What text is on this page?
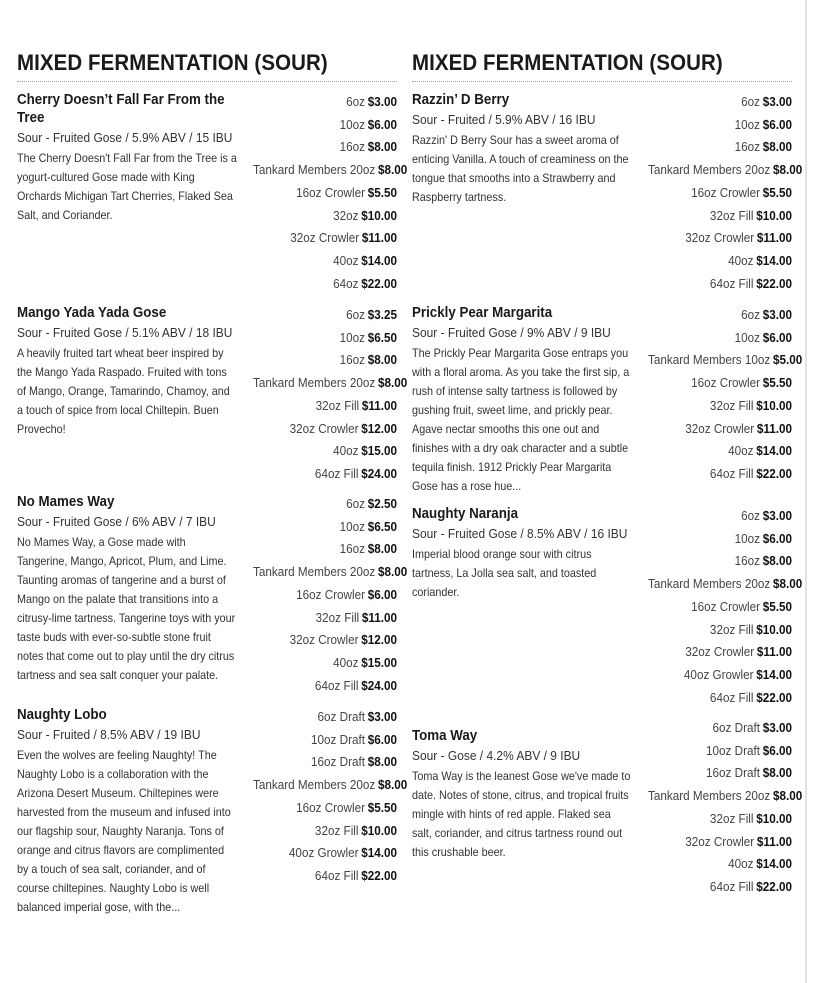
MIXED FERMENTATION (SOUR)
Cherry Doesn’t Fall Far From the Tree
Sour - Fruited Gose / 5.9% ABV / 15 IBU
The Cherry Doesn't Fall Far from the Tree is a yogurt-cultured Gose made with King Orchards Michigan Tart Cherries, Flaked Sea Salt, and Coriander.
6oz $3.00
10oz $6.00
16oz $8.00
Tankard Members 20oz $8.00
16oz Crowler $5.50
32oz $10.00
32oz Crowler $11.00
40oz $14.00
64oz $22.00
Mango Yada Yada Gose
Sour - Fruited Gose / 5.1% ABV / 18 IBU
A heavily fruited tart wheat beer inspired by the Mango Yada Raspado. Fruited with tons of Mango, Orange, Tamarindo, Chamoy, and a touch of spice from local Chiltepin. Buen Provecho!
6oz $3.25
10oz $6.50
16oz $8.00
Tankard Members 20oz $8.00
32oz Fill $11.00
32oz Crowler $12.00
40oz $15.00
64oz Fill $24.00
No Mames Way
Sour - Fruited Gose / 6% ABV / 7 IBU
No Mames Way, a Gose made with Tangerine, Mango, Apricot, Plum, and Lime. Taunting aromas of tangerine and a burst of Mango on the palate that transitions into a citrusy-lime tartness. Tangerine toys with your taste buds with ever-so-subtle stone fruit notes that come out to play until the dry citrus tartness and sea salt conquer your palate.
6oz $2.50
10oz $6.50
16oz $8.00
Tankard Members 20oz $8.00
16oz Crowler $6.00
32oz Fill $11.00
32oz Crowler $12.00
40oz $15.00
64oz Fill $24.00
Naughty Lobo
Sour - Fruited / 8.5% ABV / 19 IBU
Even the wolves are feeling Naughty! The Naughty Lobo is a collaboration with the Arizona Desert Museum. Chiltepines were harvested from the museum and infused into our flagship sour, Naughty Naranja. Tons of orange and citrus flavors are complimented by a touch of sea salt, coriander, and of course chiltepines. Naughty Lobo is well balanced imperial gose, with the...
6oz Draft $3.00
10oz Draft $6.00
16oz Draft $8.00
Tankard Members 20oz $8.00
16oz Crowler $5.50
32oz Fill $10.00
40oz Growler $14.00
64oz Fill $22.00
MIXED FERMENTATION (SOUR)
Razzin’ D Berry
Sour - Fruited / 5.9% ABV / 16 IBU
Razzin' D Berry Sour has a sweet aroma of enticing Vanilla. A touch of creaminess on the tongue that smooths into a Strawberry and Raspberry tartness.
6oz $3.00
10oz $6.00
16oz $8.00
Tankard Members 20oz $8.00
16oz Crowler $5.50
32oz Fill $10.00
32oz Crowler $11.00
40oz $14.00
64oz Fill $22.00
Prickly Pear Margarita
Sour - Fruited Gose / 9% ABV / 9 IBU
The Prickly Pear Margarita Gose entraps you with a floral aroma. As you take the first sip, a rush of intense salty tartness is followed by gushing fruit, sweet lime, and prickly pear. Agave nectar smooths this one out and finishes with a dry oak character and a subtle tequila finish. 1912 Prickly Pear Margarita Gose has a rose hue...
6oz $3.00
10oz $6.00
Tankard Members 10oz $5.00
16oz Crowler $5.50
32oz Fill $10.00
32oz Crowler $11.00
40oz $14.00
64oz Fill $22.00
Naughty Naranja
Sour - Fruited Gose / 8.5% ABV / 16 IBU
Imperial blood orange sour with citrus tartness, La Jolla sea salt, and toasted coriander.
6oz $3.00
10oz $6.00
16oz $8.00
Tankard Members 20oz $8.00
16oz Crowler $5.50
32oz Fill $10.00
32oz Crowler $11.00
40oz Growler $14.00
64oz Fill $22.00
Toma Way
Sour - Gose / 4.2% ABV / 9 IBU
Toma Way is the leanest Gose we've made to date. Notes of stone, citrus, and tropical fruits mingle with hints of red apple. Flaked sea salt, coriander, and citrus tartness round out this crushable beer.
6oz Draft $3.00
10oz Draft $6.00
16oz Draft $8.00
Tankard Members 20oz $8.00
32oz Fill $10.00
32oz Crowler $11.00
40oz $14.00
64oz Fill $22.00
